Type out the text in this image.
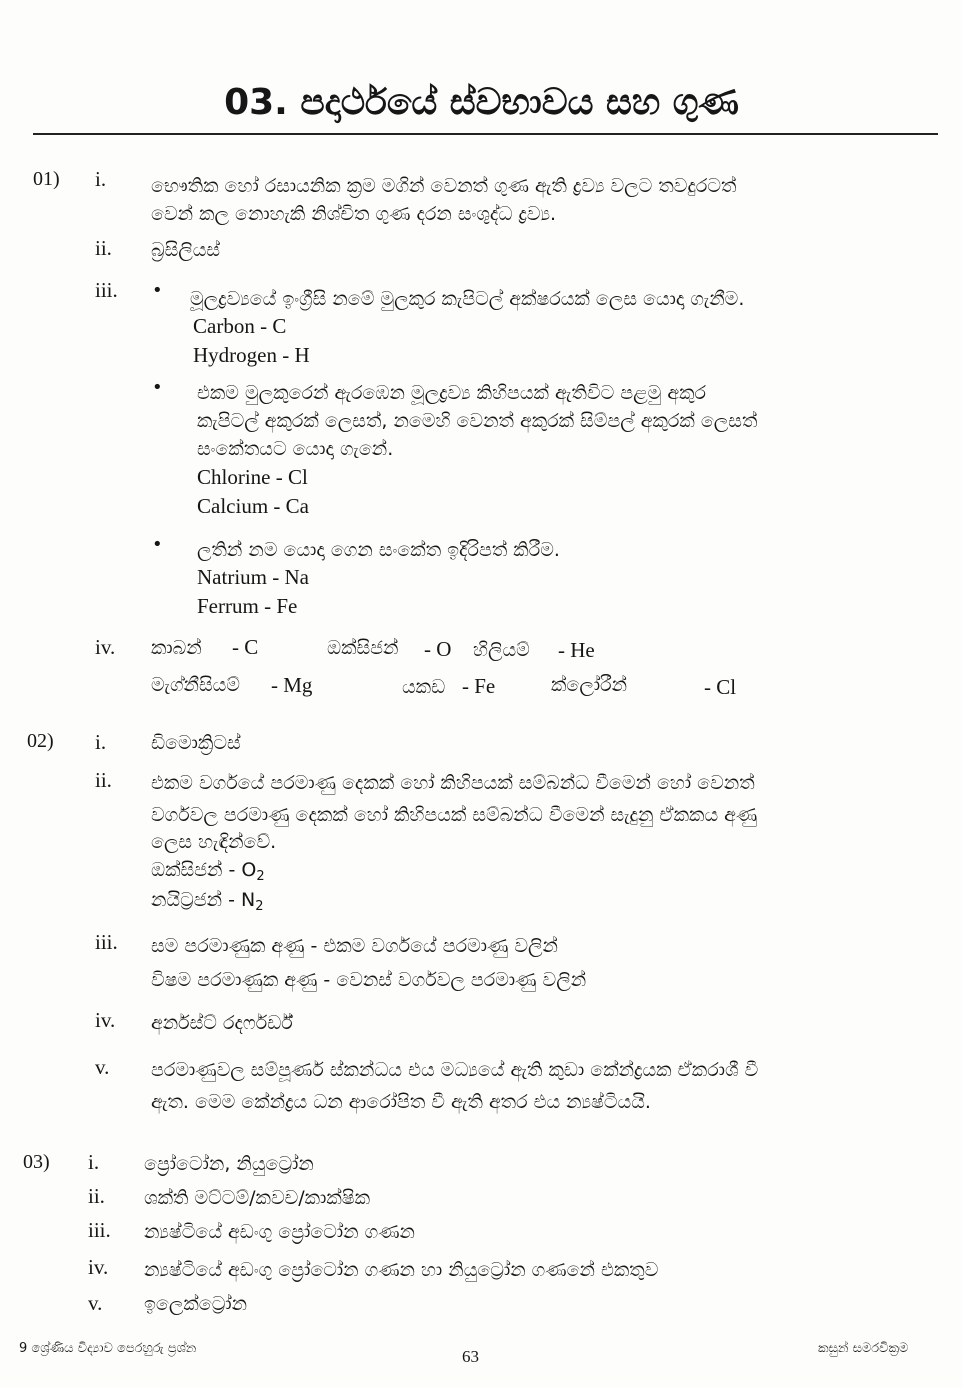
03. පදාර්ථයේ ස්වභාවය සහ ගුණ
01) i. භෞතික හෝ රසායනික ක්‍රම මගින් වෙනත් ගුණ ඇති ද්‍රව්‍ය වලට තවදුරටත්
වෙන් කල නොහැකි නිශ්චිත ගුණ දරන සංශුද්ධ ද්‍රව්‍ය.
ii. බ්‍රසිලියස්
iii. • මූලද්‍රව්‍යයේ ඉංග්‍රීසි නමේ මුලකුර කැපිටල් අක්ෂරයක් ලෙස යොදා ගැනීම.
Carbon - C
Hydrogen - H
• එකම මුලකුරෙන් ඇරඹෙන මූලද්‍රව්‍ය කිහිපයක් ඇතිවිට පළමු අකුර
කැපිටල් අකුරක් ලෙසත්, නමෙහි වෙනත් අකුරක් සිම්පල් අකුරක් ලෙසත්
සංකේතයට යොදා ගැනේ.
Chlorine - Cl
Calcium - Ca
• ලතින් නම යොදා ගෙන සංකේත ඉදිරිපත් කිරීම.
Natrium - Na
Ferrum - Fe
iv. කාබන් - C	ඔක්සිජන් - O හිලියම් - He
මැග්නීසියම් - Mg	යකඩ - Fe	ක්ලෝරීන්	- Cl
02) i. ඩිමොක්‍රිටස්
ii. එකම වර්ගයේ පරමාණු දෙකක් හෝ කිහිපයක් සම්බන්ධ වීමෙන් හෝ වෙනත්
වර්ගවල පරමාණු දෙකක් හෝ කිහිපයක් සම්බන්ධ වීමෙන් සැදුනු ඒකකය අණු
ලෙස හැඳින්වේ.
ඔක්සිජන් - $O_2$
නයිට්‍රජන් - $N_2$
iii. සම පරමාණුක අණු - එකම වර්ගයේ පරමාණු වලින්
විෂම පරමාණුක අණු - වෙනස් වර්ගවල පරමාණු වලින්
iv. අර්නස්ට් රදර්ෆර්ඩ්
v. පරමාණුවල සම්පූර්ණ ස්කන්ධය එය මධ්‍යයේ ඇති කුඩා කේන්ද්‍රයක ඒකරාශී වී
ඇත. මෙම කේන්ද්‍රය ධන ආරෝපිත වී ඇති අතර එය න්‍යෂ්ටියයි.
03) i. ප්‍රෝටෝන, නියුට්‍රෝන
ii. ශක්ති මට්ටම්/කවච/කාක්ෂික
iii. න්‍යෂ්ටියේ අඩංගු ප්‍රෝටෝන ගණන
iv. න්‍යෂ්ටියේ අඩංගු ප්‍රෝටෝන ගණන හා නියුට්‍රෝන ගණනේ එකතුව
v. ඉලෙක්ට්‍රෝන
9 ශ්‍රේණිය විද්‍යාව පෙරහුරු ප්‍රශ්න	63	කසුන් සමරවික්‍රම
